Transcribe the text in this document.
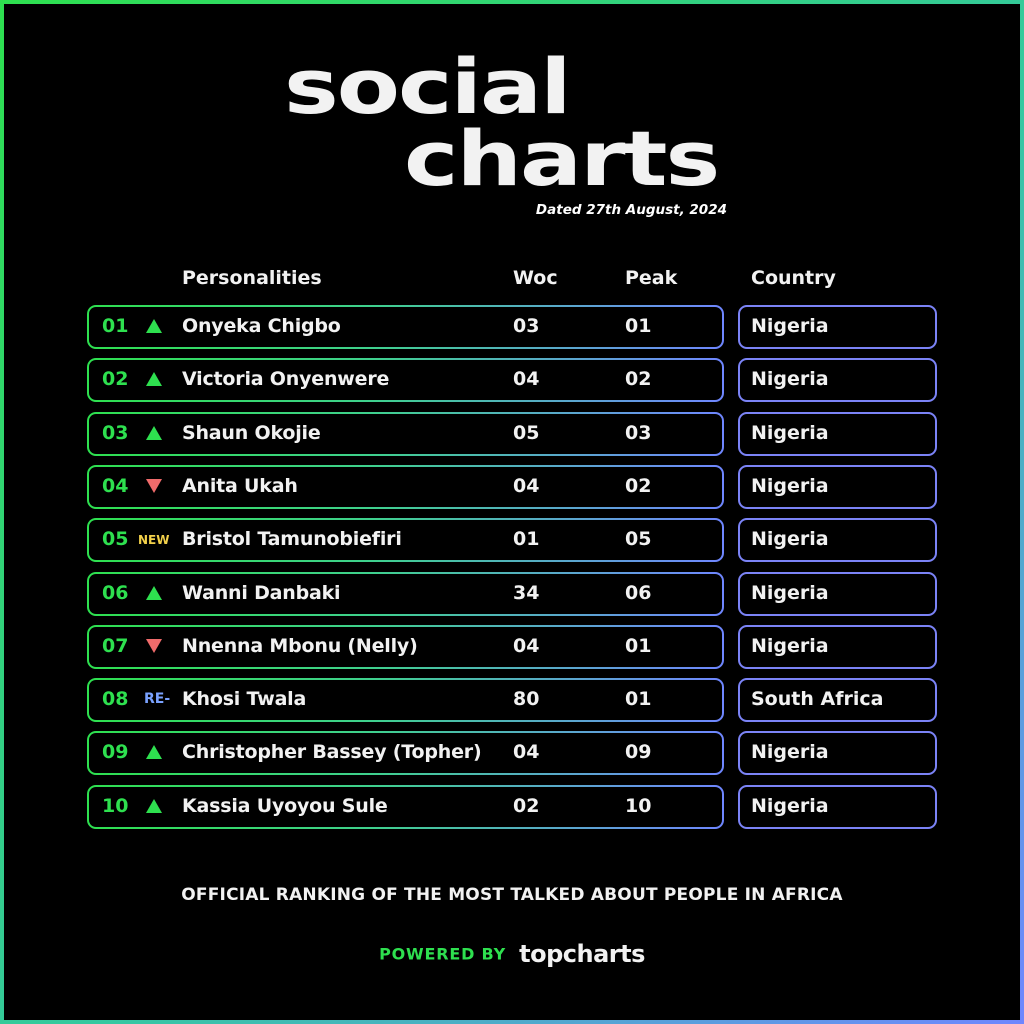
social
charts
Dated 27th August, 2024
Personalities	Woc	Peak	Country
01	Onyeka Chigbo	03	01	Nigeria
02	Victoria Onyenwere	04	02	Nigeria
03	Shaun Okojie	05	03	Nigeria
04	Anita Ukah	04	02	Nigeria
05	Bristol Tamunobiefiri	01	05	Nigeria
NEW
06	Wanni Danbaki	34	06	Nigeria
07	Nnenna Mbonu (Nelly)	04	01	Nigeria
08	Khosi Twala	80	01	South Africa
RE-
09	Christopher Bassey (Topher) 04	09	Nigeria
10	Kassia Uyoyou Sule	02	10	Nigeria
OFFICIAL RANKING OF THE MOST TALKED ABOUT PEOPLE IN AFRICA
POWERED BY topcharts
